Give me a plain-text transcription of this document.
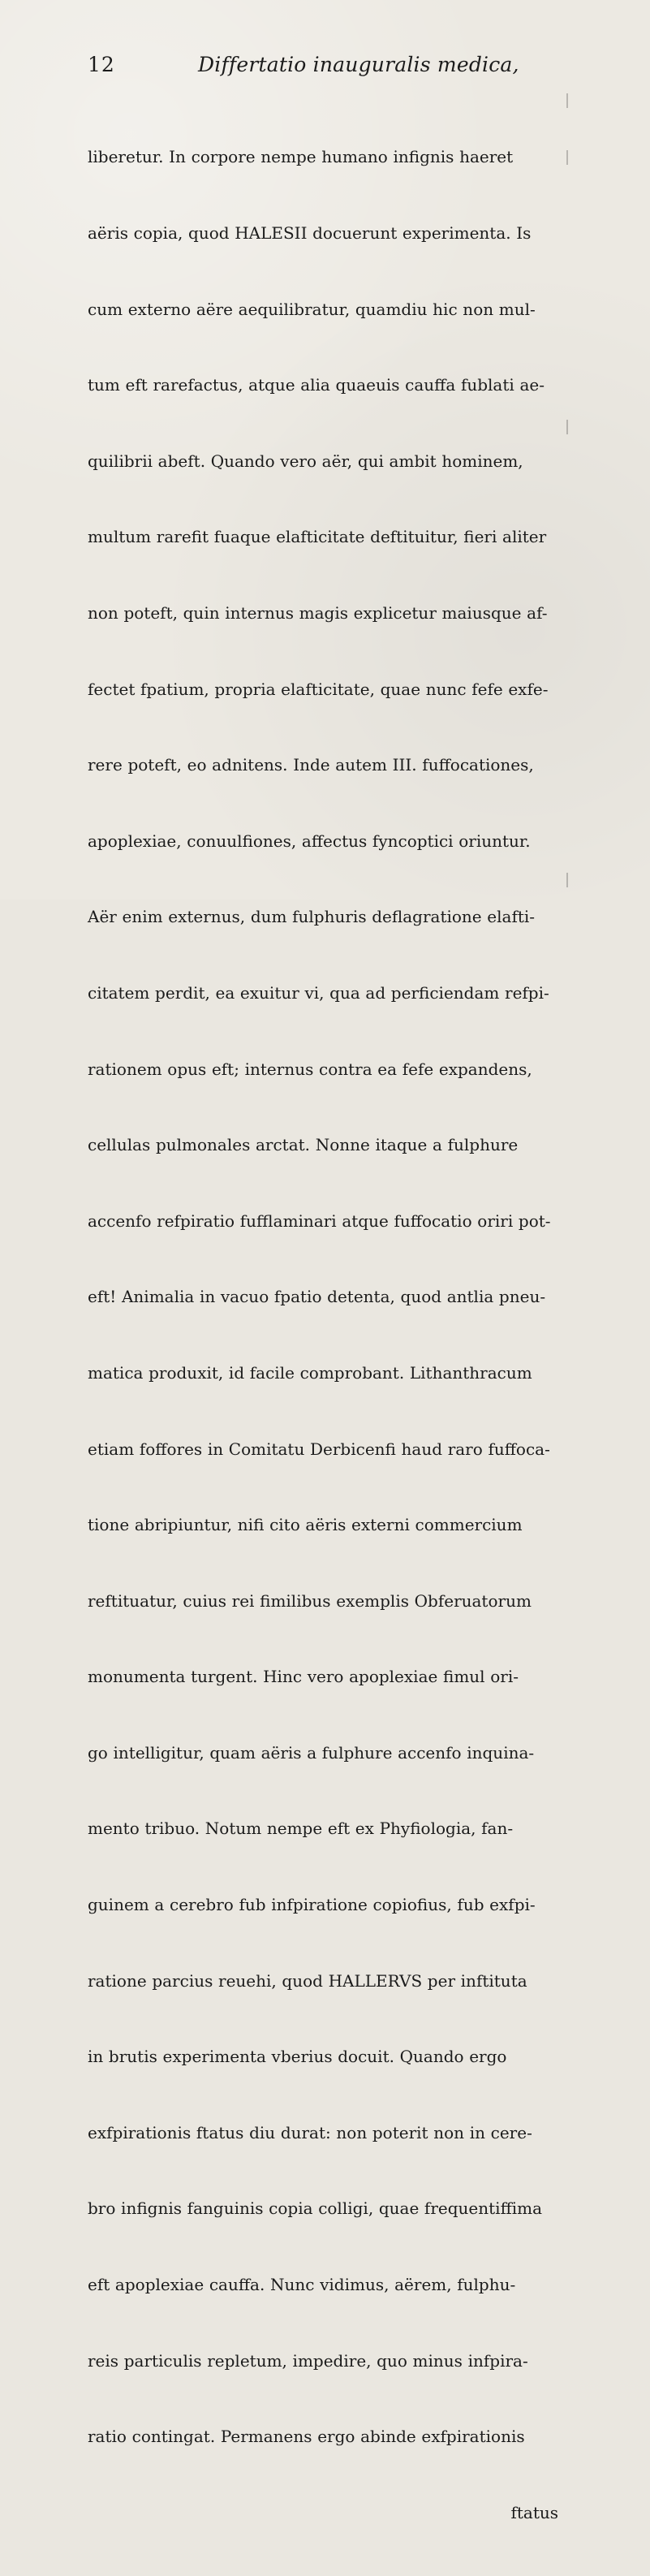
12	Differtatio inauguralis medica,

liberetur. In corpore nempe humano infignis haeret

aëris copia, quod HALESII docuerunt experimenta. Is

cum externo aëre aequilibratur, quamdiu hic non mul-

tum eft rarefactus, atque alia quaeuis cauffa fublati ae-

quilibrii abeft. Quando vero aër, qui ambit hominem,

multum rarefit fuaque elafticitate deftituitur, fieri aliter

non poteft, quin internus magis explicetur maiusque af-

fectet fpatium, propria elafticitate, quae nunc fefe exfe-

rere poteft, eo adnitens. Inde autem III. fuffocationes,

apoplexiae, conuulfiones, affectus fyncoptici oriuntur.

Aër enim externus, dum fulphuris deflagratione elafti-

citatem perdit, ea exuitur vi, qua ad perficiendam refpi-

rationem opus eft; internus contra ea fefe expandens,

cellulas pulmonales arctat. Nonne itaque a fulphure

accenfo refpiratio fufflaminari atque fuffocatio oriri pot-

eft! Animalia in vacuo fpatio detenta, quod antlia pneu-

matica produxit, id facile comprobant. Lithanthracum

etiam foffores in Comitatu Derbicenfi haud raro fuffoca-

tione abripiuntur, nifi cito aëris externi commercium

reftituatur, cuius rei fimilibus exemplis Obferuatorum

monumenta turgent. Hinc vero apoplexiae fimul ori-

go intelligitur, quam aëris a fulphure accenfo inquina-

mento tribuo. Notum nempe eft ex Phyfiologia, fan-

guinem a cerebro fub infpiratione copiofius, fub exfpi-

ratione parcius reuehi, quod HALLERVS per inftituta

in brutis experimenta vberius docuit. Quando ergo

exfpirationis ftatus diu durat: non poterit non in cere-

bro infignis fanguinis copia colligi, quae frequentiffima

eft apoplexiae cauffa. Nunc vidimus, aërem, fulphu-

reis particulis repletum, impedire, quo minus infpira-

ratio contingat. Permanens ergo abinde exfpirationis

ftatus
